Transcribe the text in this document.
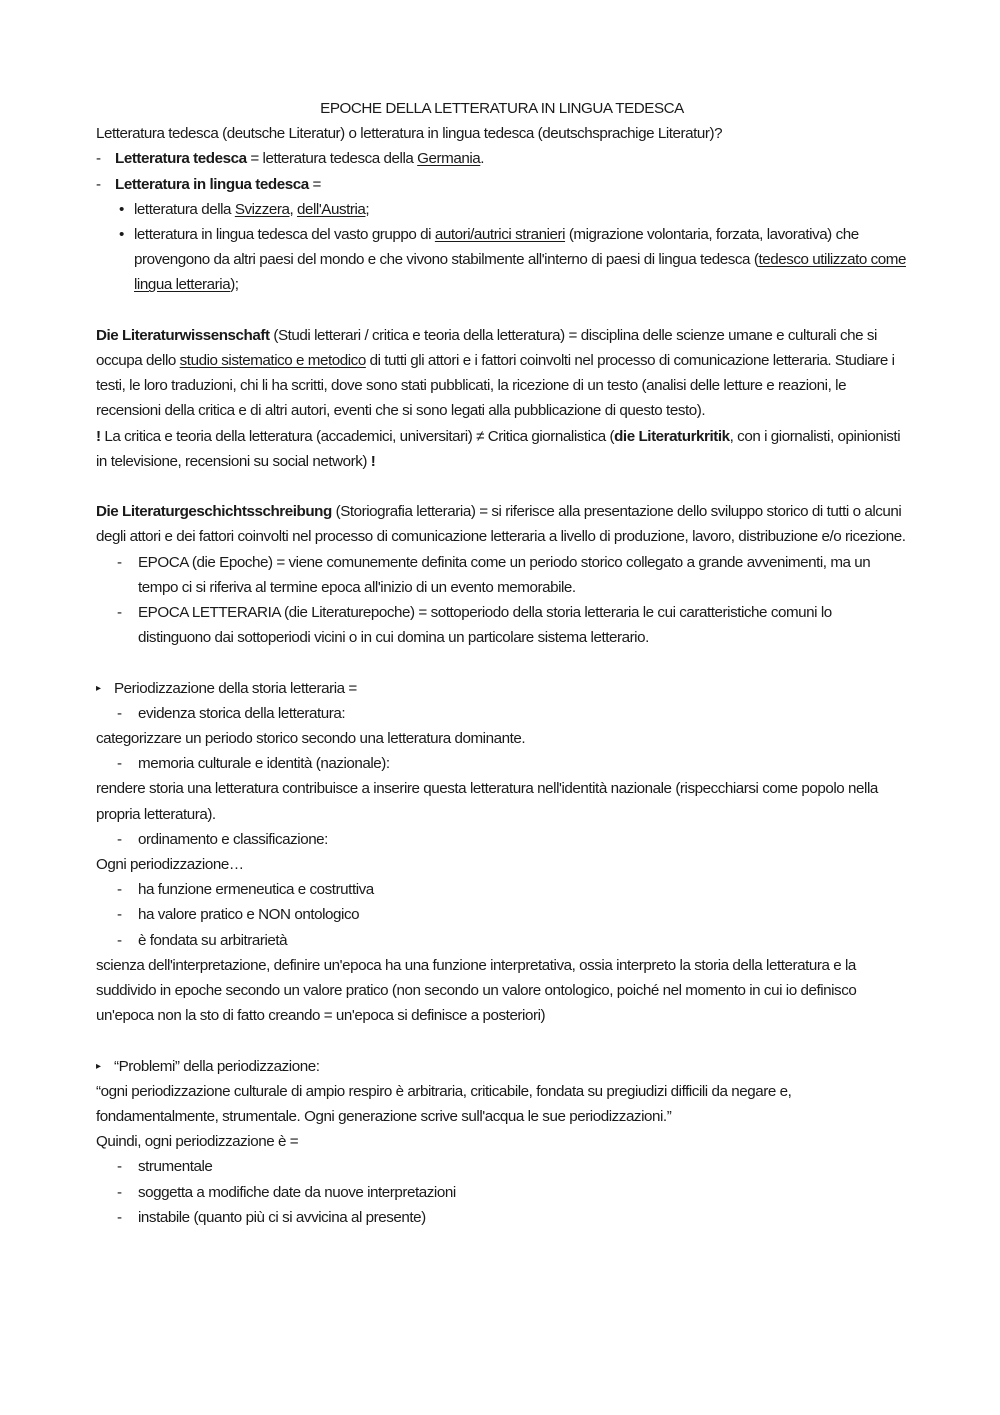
EPOCHE DELLA LETTERATURA IN LINGUA TEDESCA
Letteratura tedesca (deutsche Literatur) o letteratura in lingua tedesca (deutschsprachige Literatur)?
- Letteratura tedesca = letteratura tedesca della Germania.
- Letteratura in lingua tedesca =
• letteratura della Svizzera, dell'Austria;
• letteratura in lingua tedesca del vasto gruppo di autori/autrici stranieri (migrazione volontaria, forzata, lavorativa) che provengono da altri paesi del mondo e che vivono stabilmente all'interno di paesi di lingua tedesca (tedesco utilizzato come lingua letteraria);
Die Literaturwissenschaft (Studi letterari / critica e teoria della letteratura) = disciplina delle scienze umane e culturali che si occupa dello studio sistematico e metodico di tutti gli attori e i fattori coinvolti nel processo di comunicazione letteraria. Studiare i testi, le loro traduzioni, chi li ha scritti, dove sono stati pubblicati, la ricezione di un testo (analisi delle letture e reazioni, le recensioni della critica e di altri autori, eventi che si sono legati alla pubblicazione di questo testo).
! La critica e teoria della letteratura (accademici, universitari) ≠ Critica giornalistica (die Literaturkritik, con i giornalisti, opinionisti in televisione, recensioni su social network) !
Die Literaturgeschichtsschreibung (Storiografia letteraria) = si riferisce alla presentazione dello sviluppo storico di tutti o alcuni degli attori e dei fattori coinvolti nel processo di comunicazione letteraria a livello di produzione, lavoro, distribuzione e/o ricezione.
- EPOCA (die Epoche) = viene comunemente definita come un periodo storico collegato a grande avvenimenti, ma un tempo ci si riferiva al termine epoca all'inizio di un evento memorabile.
- EPOCA LETTERARIA (die Literaturepoche) = sottoperiodo della storia letteraria le cui caratteristiche comuni lo distinguono dai sottoperiodi vicini o in cui domina un particolare sistema letterario.
▸ Periodizzazione della storia letteraria =
- evidenza storica della letteratura:
categorizzare un periodo storico secondo una letteratura dominante.
- memoria culturale e identità (nazionale):
rendere storia una letteratura contribuisce a inserire questa letteratura nell'identità nazionale (rispecchiarsi come popolo nella propria letteratura).
- ordinamento e classificazione:
Ogni periodizzazione…
- ha funzione ermeneutica e costruttiva
- ha valore pratico e NON ontologico
- è fondata su arbitrarietà
scienza dell'interpretazione, definire un'epoca ha una funzione interpretativa, ossia interpreto la storia della letteratura e la suddivido in epoche secondo un valore pratico (non secondo un valore ontologico, poiché nel momento in cui io definisco un'epoca non la sto di fatto creando = un'epoca si definisce a posteriori)
▸ “Problemi” della periodizzazione:
“ogni periodizzazione culturale di ampio respiro è arbitraria, criticabile, fondata su pregiudizi difficili da negare e, fondamentalmente, strumentale. Ogni generazione scrive sull'acqua le sue periodizzazioni.”
Quindi, ogni periodizzazione è =
- strumentale
- soggetta a modifiche date da nuove interpretazioni
- instabile (quanto più ci si avvicina al presente)
